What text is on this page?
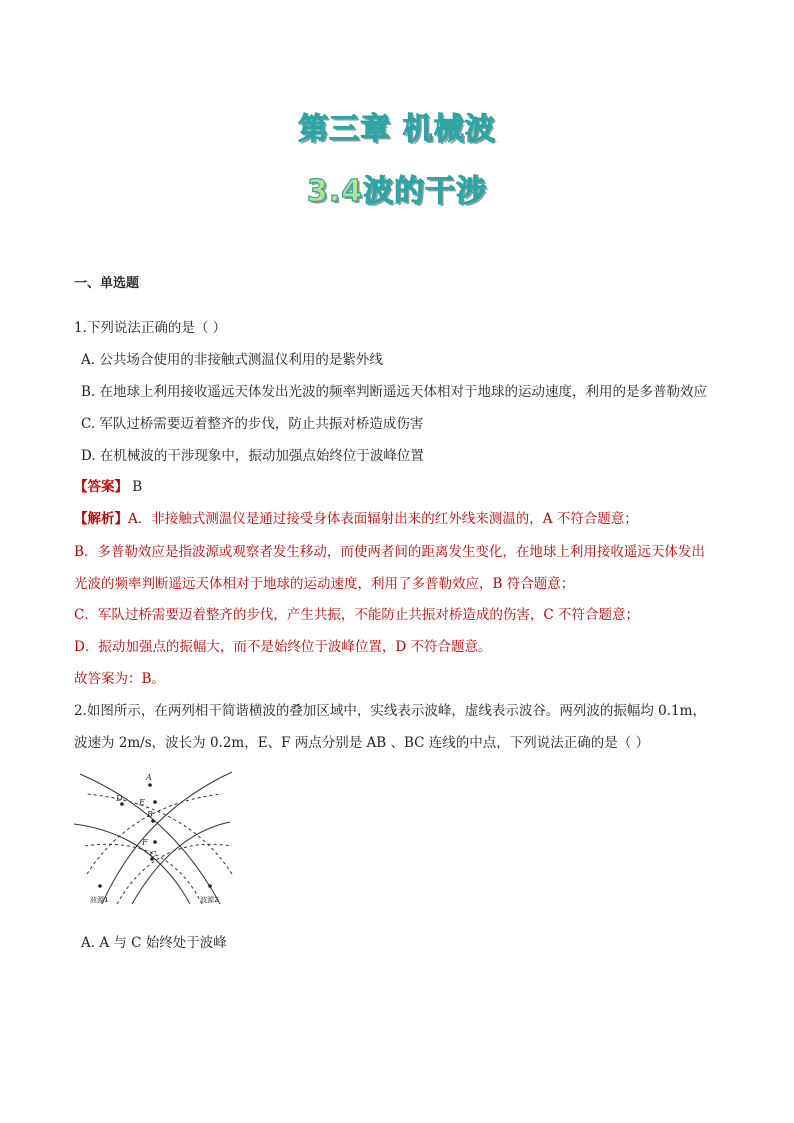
第三章 机械波
3.4波的干涉
一、单选题
1.下列说法正确的是（ ）
A. 公共场合使用的非接触式测温仪利用的是紫外线
B. 在地球上利用接收遥远天体发出光波的频率判断遥远天体相对于地球的运动速度，利用的是多普勒效应
C. 军队过桥需要迈着整齐的步伐，防止共振对桥造成伤害
D. 在机械波的干涉现象中，振动加强点始终位于波峰位置
【答案】 B
【解析】A．非接触式测温仪是通过接受身体表面辐射出来的红外线来测温的，A 不符合题意；
B．多普勒效应是指波源或观察者发生移动，而使两者间的距离发生变化，在地球上利用接收遥远天体发出
光波的频率判断遥远天体相对于地球的运动速度，利用了多普勒效应，B 符合题意；
C．军队过桥需要迈着整齐的步伐，产生共振，不能防止共振对桥造成的伤害，C 不符合题意；
D．振动加强点的振幅大，而不是始终位于波峰位置，D 不符合题意。
故答案为：B。
2.如图所示，在两列相干简谐横波的叠加区域中，实线表示波峰，虚线表示波谷。两列波的振幅均 0.1m，
波速为 2m/s，波长为 0.2m，E、F 两点分别是 AB 、BC 连线的中点，下列说法正确的是（ ）
A
B
C
D E
F
波源1	波源2
A. A 与 C 始终处于波峰
